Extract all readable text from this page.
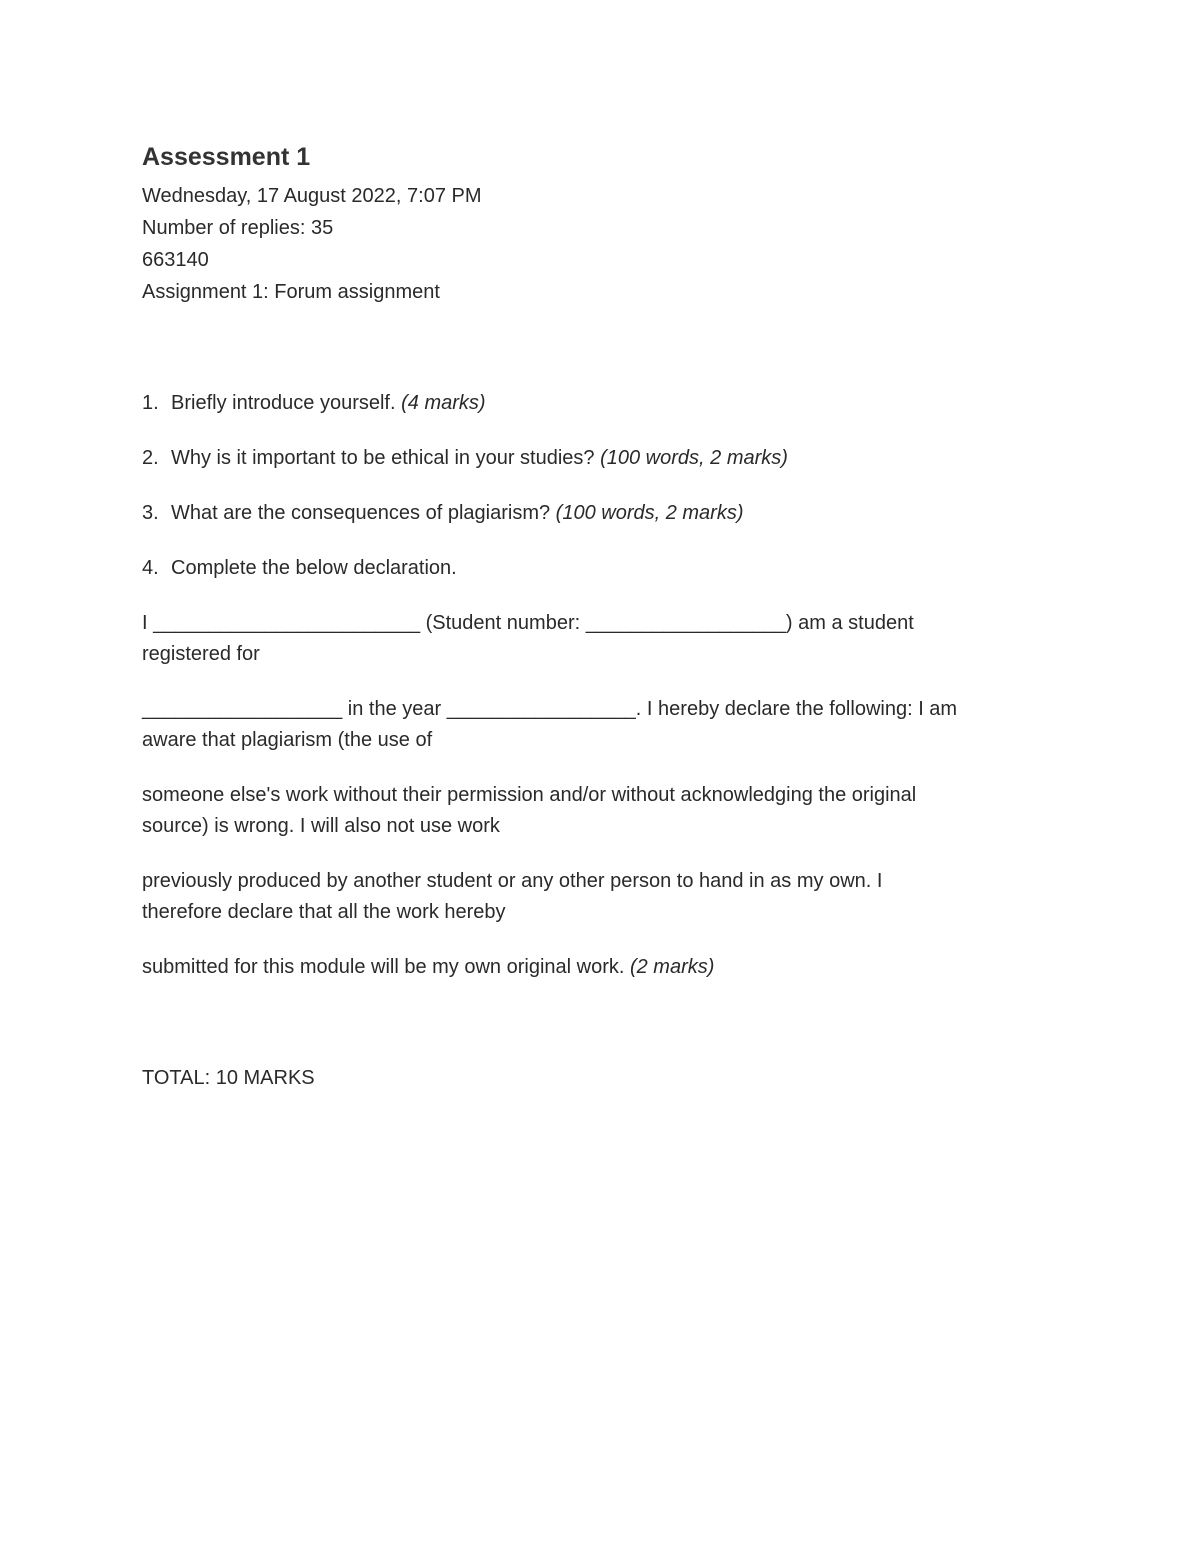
Assessment 1
Wednesday, 17 August 2022, 7:07 PM
Number of replies: 35
663140
Assignment 1: Forum assignment
1. Briefly introduce yourself. (4 marks)
2. Why is it important to be ethical in your studies? (100 words, 2 marks)
3. What are the consequences of plagiarism? (100 words, 2 marks)
4. Complete the below declaration.
I ________________________ (Student number: __________________) am a student
registered for
__________________ in the year _________________. I hereby declare the following: I am
aware that plagiarism (the use of
someone else's work without their permission and/or without acknowledging the original
source) is wrong. I will also not use work
previously produced by another student or any other person to hand in as my own. I
therefore declare that all the work hereby
submitted for this module will be my own original work. (2 marks)
TOTAL: 10 MARKS
